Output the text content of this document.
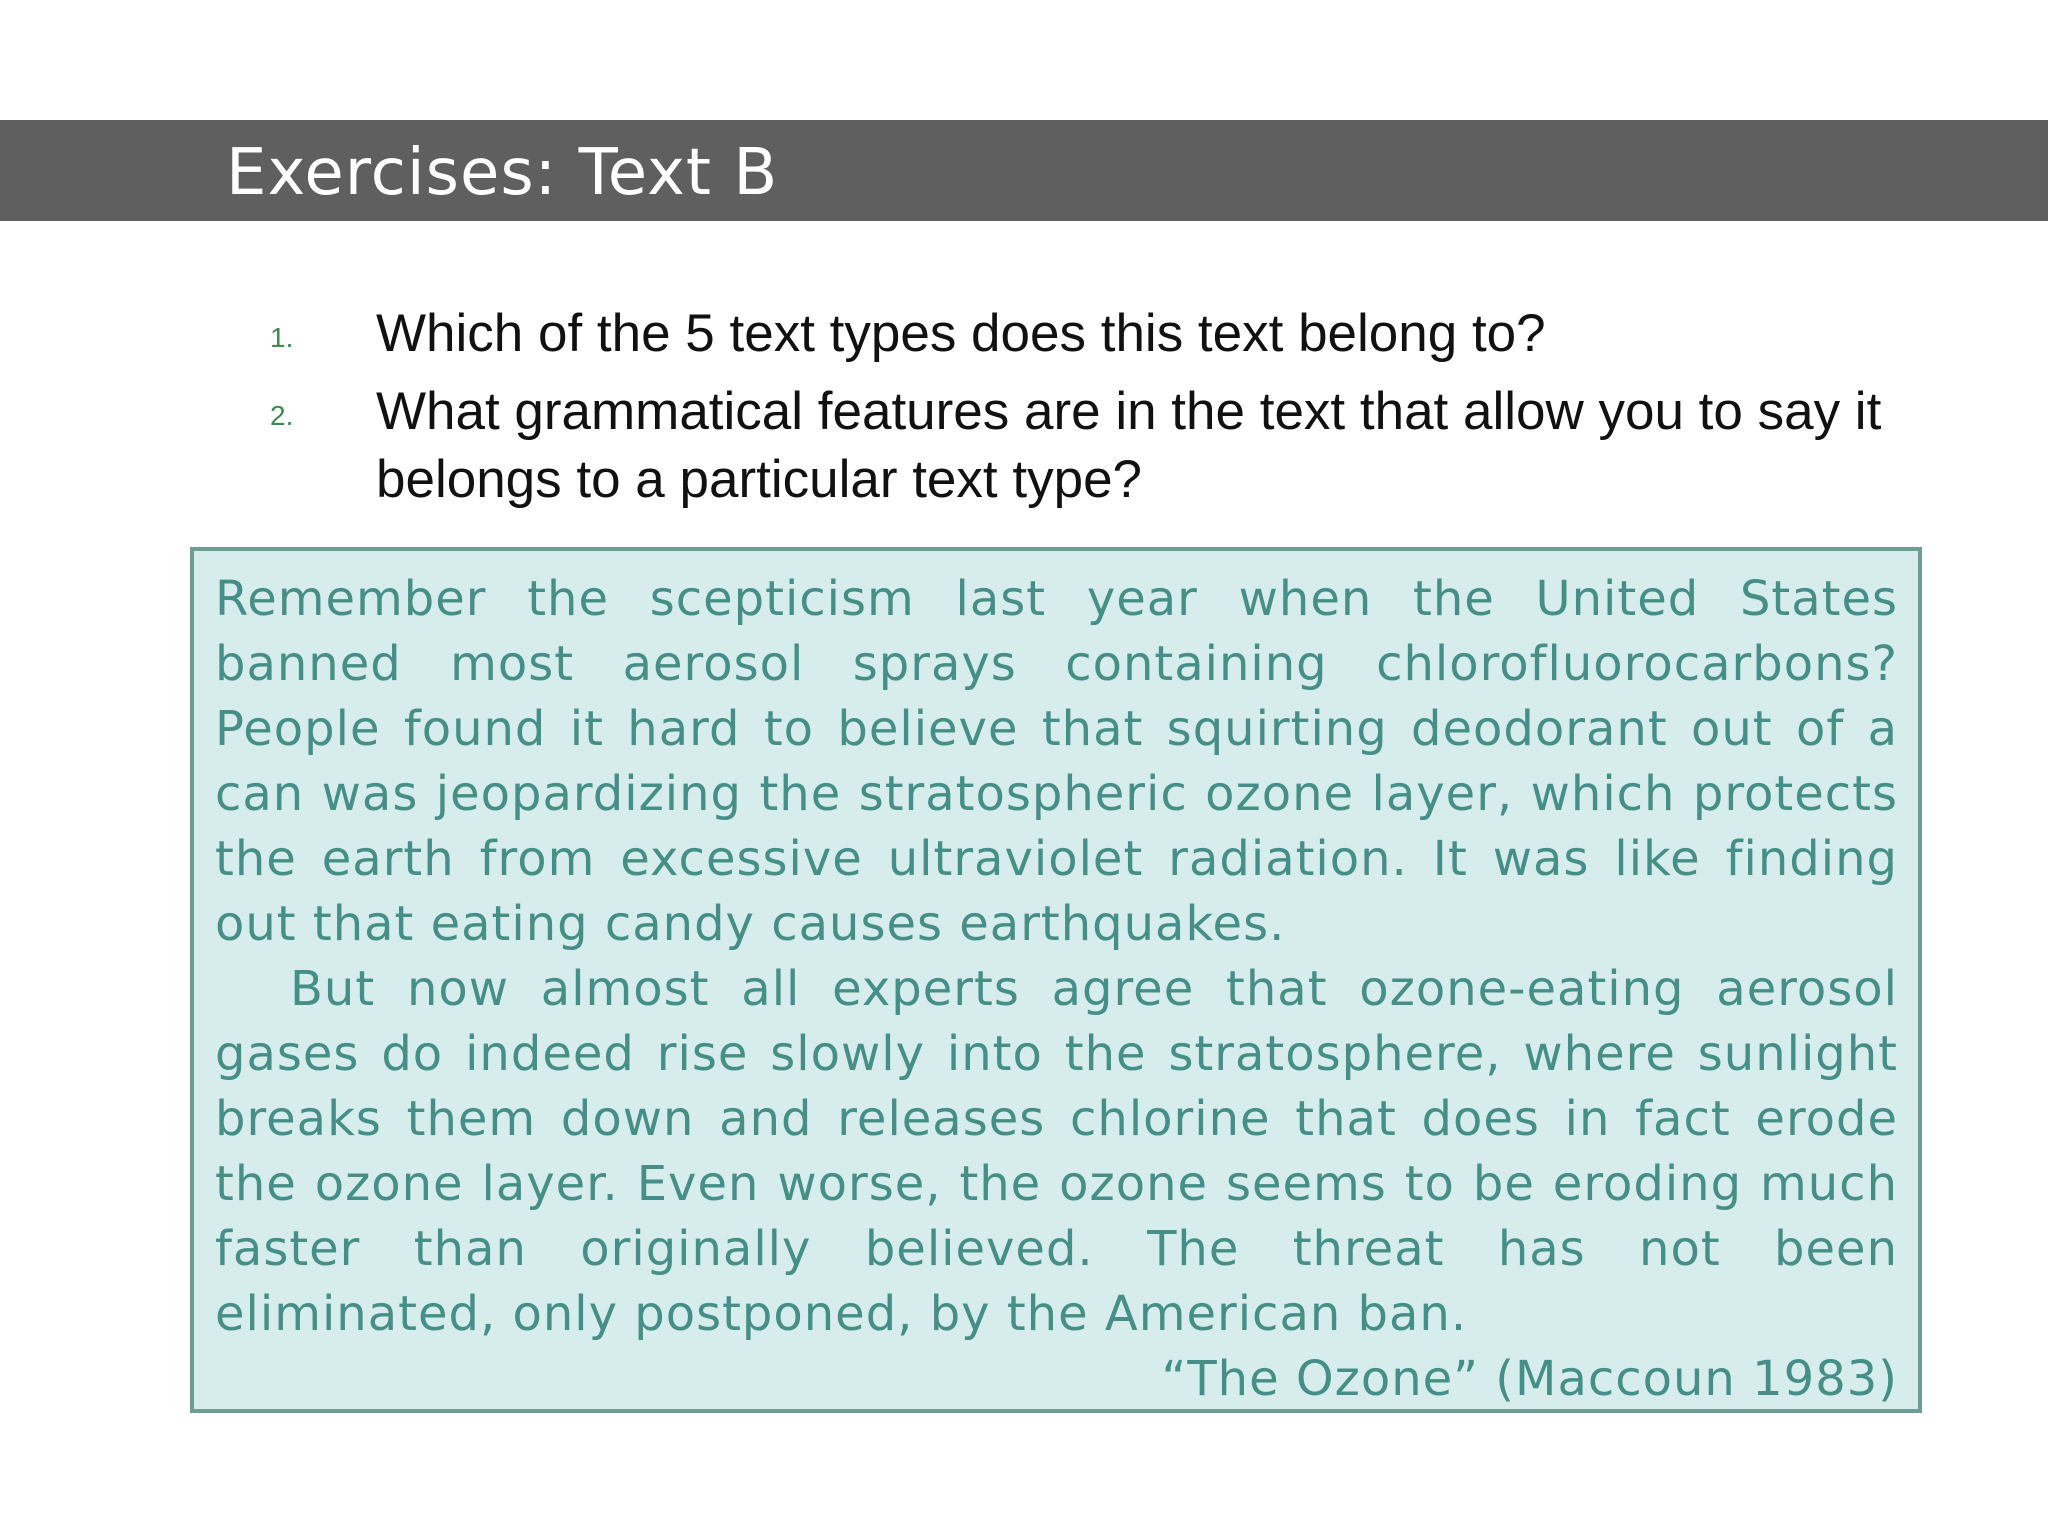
Exercises: Text B
1. Which of the 5 text types does this text belong to?
2. What grammatical features are in the text that allow you to say it belongs to a particular text type?

Remember the scepticism last year when the United States banned most aerosol sprays containing chlorofluorocarbons? People found it hard to believe that squirting deodorant out of a can was jeopardizing the stratospheric ozone layer, which protects the earth from excessive ultraviolet radiation. It was like finding out that eating candy causes earthquakes.

But now almost all experts agree that ozone-eating aerosol gases do indeed rise slowly into the stratosphere, where sunlight breaks them down and releases chlorine that does in fact erode the ozone layer. Even worse, the ozone seems to be eroding much faster than originally believed. The threat has not been eliminated, only postponed, by the American ban.

“The Ozone” (Maccoun 1983)
